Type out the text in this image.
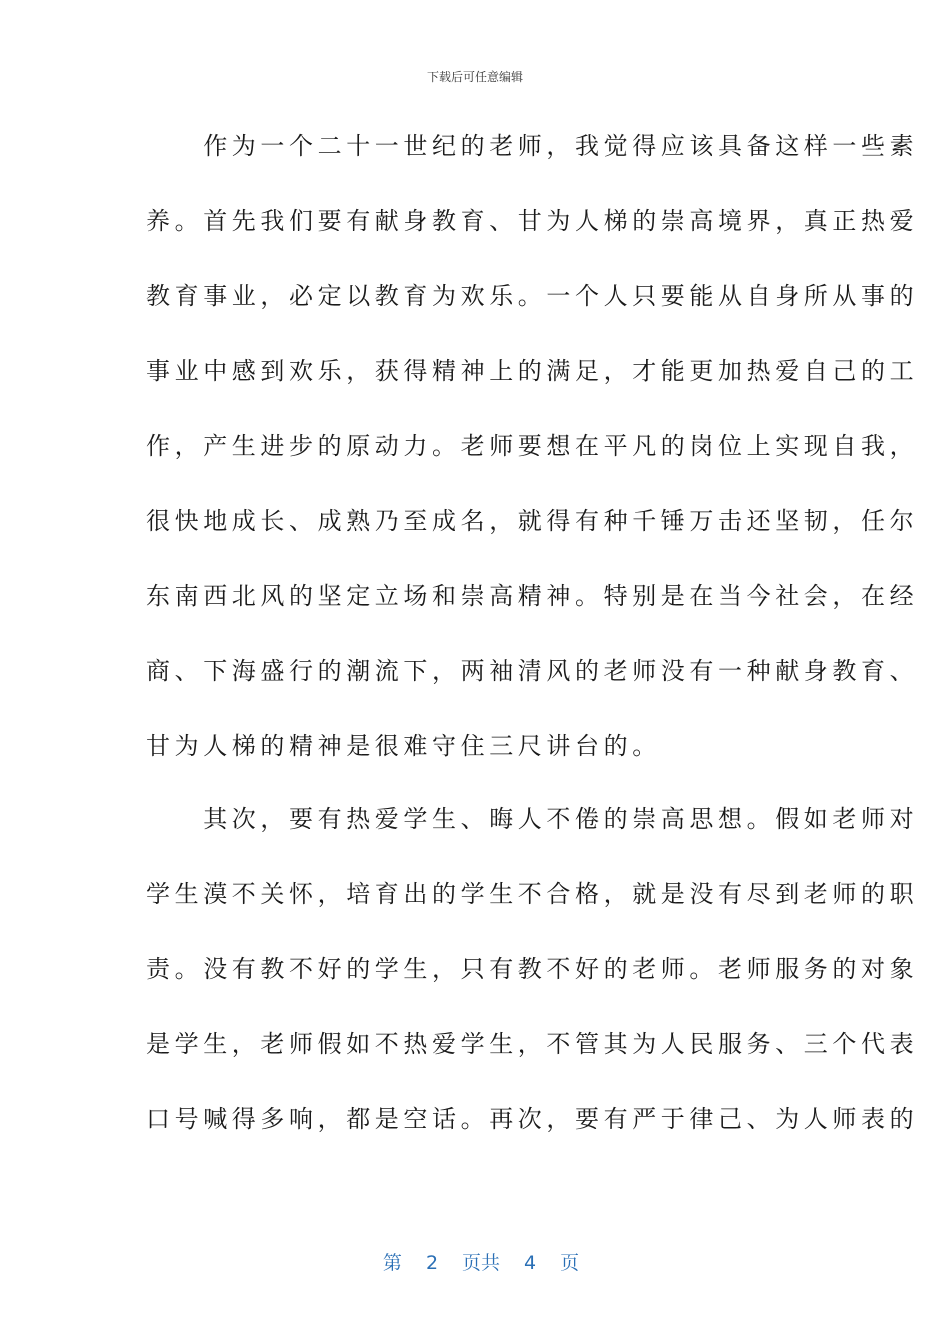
下载后可任意编辑
　　作为一个二十一世纪的老师，我觉得应该具备这样一些素
养。首先我们要有献身教育、甘为人梯的崇高境界，真正热爱
教育事业，必定以教育为欢乐。一个人只要能从自身所从事的
事业中感到欢乐，获得精神上的满足，才能更加热爱自己的工
作，产生进步的原动力。老师要想在平凡的岗位上实现自我，
很快地成长、成熟乃至成名，就得有种千锤万击还坚韧，任尔
东南西北风的坚定立场和崇高精神。特别是在当今社会，在经
商、下海盛行的潮流下，两袖清风的老师没有一种献身教育、
甘为人梯的精神是很难守住三尺讲台的。
　　其次，要有热爱学生、晦人不倦的崇高思想。假如老师对
学生漠不关怀，培育出的学生不合格，就是没有尽到老师的职
责。没有教不好的学生，只有教不好的老师。老师服务的对象
是学生，老师假如不热爱学生，不管其为人民服务、三个代表
口号喊得多响，都是空话。再次，要有严于律己、为人师表的

第 2 页共 4 页
